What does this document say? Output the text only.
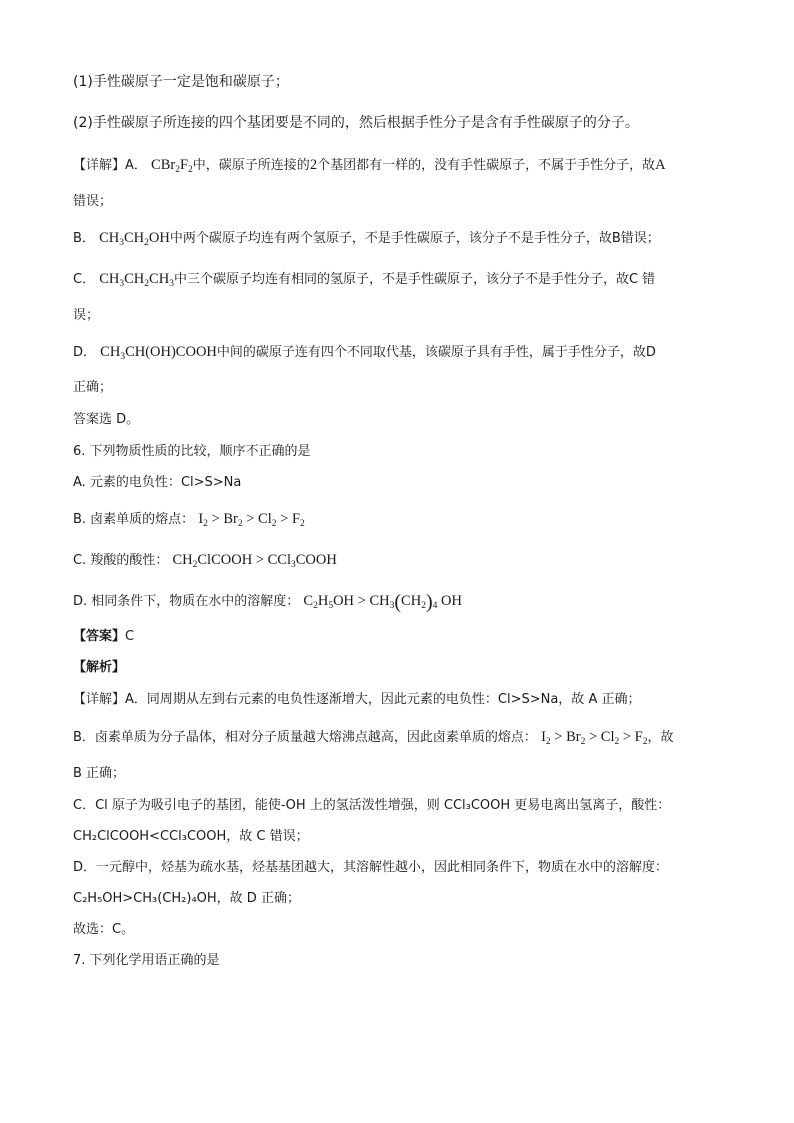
(1)手性碳原子一定是饱和碳原子；
(2)手性碳原子所连接的四个基团要是不同的，然后根据手性分子是含有手性碳原子的分子。
【详解】A． $CBr_2F_2$中，碳原子所连接的2个基团都有一样的，没有手性碳原子，不属于手性分子，故A
错误；
B． $CH_3CH_2OH$中两个碳原子均连有两个氢原子，不是手性碳原子，该分子不是手性分子，故B错误；
C． $CH_3CH_2CH_3$中三个碳原子均连有相同的氢原子，不是手性碳原子，该分子不是手性分子，故C 错
误；
D． $CH_3CH(OH)COOH$中间的碳原子连有四个不同取代基，该碳原子具有手性，属于手性分子，故D
正确；
答案选 D。
6. 下列物质性质的比较，顺序不正确的是
A. 元素的电负性：Cl>S>Na
B. 卤素单质的熔点： $I_2 > Br_2 > Cl_2 > F_2$
C. 羧酸的酸性： $CH_2ClCOOH$ > CCl$_3$COOH
D. 相同条件下，物质在水中的溶解度： $C_2H_5OH > CH_3(CH_2)_4$ OH
【答案】C
【解析】
【详解】A．同周期从左到右元素的电负性逐渐增大，因此元素的电负性：Cl>S>Na，故 A 正确；
B．卤素单质为分子晶体，相对分子质量越大熔沸点越高，因此卤素单质的熔点： $I_2 > Br_2 > Cl_2 > F_2$，故
B 正确；
C．Cl 原子为吸引电子的基团，能使-OH 上的氢活泼性增强，则 CCl₃COOH 更易电离出氢离子，酸性：
CH₂ClCOOH<CCl₃COOH，故 C 错误；
D．一元醇中，烃基为疏水基，烃基基团越大，其溶解性越小，因此相同条件下，物质在水中的溶解度：
C₂H₅OH>CH₃(CH₂)₄OH，故 D 正确；
故选：C。
7. 下列化学用语正确的是
